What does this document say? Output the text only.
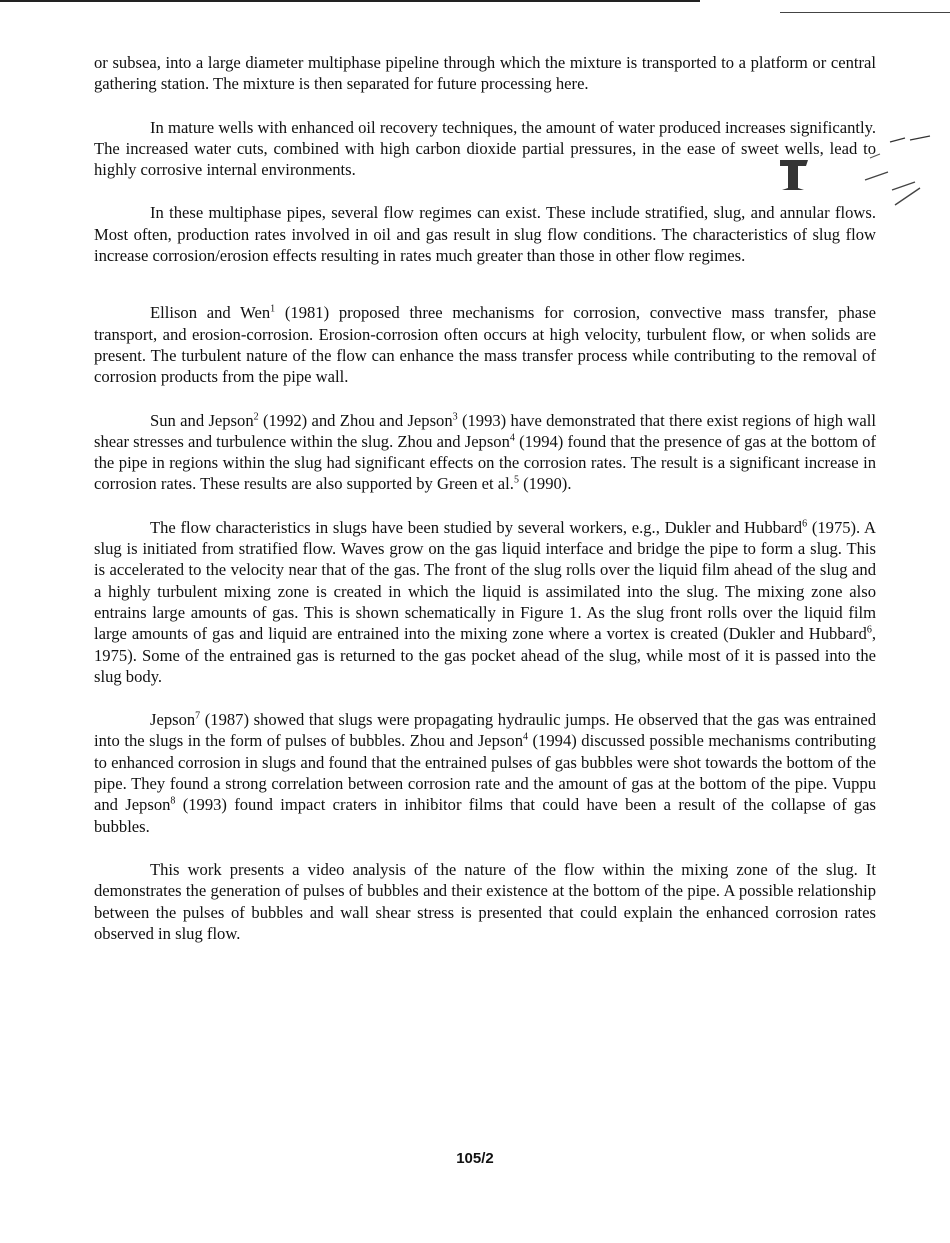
or subsea, into a large diameter multiphase pipeline through which the mixture is transported to a platform or central gathering station. The mixture is then separated for future processing here.

In mature wells with enhanced oil recovery techniques, the amount of water produced increases significantly. The increased water cuts, combined with high carbon dioxide partial pressures, in the ease of sweet wells, lead to highly corrosive internal environments.

In these multiphase pipes, several flow regimes can exist. These include stratified, slug, and annular flows. Most often, production rates involved in oil and gas result in slug flow conditions. The characteristics of slug flow increase corrosion/erosion effects resulting in rates much greater than those in other flow regimes.

Ellison and Wen$^1$ (1981) proposed three mechanisms for corrosion, convective mass transfer, phase transport, and erosion-corrosion. Erosion-corrosion often occurs at high velocity, turbulent flow, or when solids are present. The turbulent nature of the flow can enhance the mass transfer process while contributing to the removal of corrosion products from the pipe wall.

Sun and Jepson$^2$ (1992) and Zhou and Jepson$^3$ (1993) have demonstrated that there exist regions of high wall shear stresses and turbulence within the slug. Zhou and Jepson$^4$ (1994) found that the presence of gas at the bottom of the pipe in regions within the slug had significant effects on the corrosion rates. The result is a significant increase in corrosion rates. These results are also supported by Green et al.$^5$ (1990).

The flow characteristics in slugs have been studied by several workers, e.g., Dukler and Hubbard$^6$ (1975). A slug is initiated from stratified flow. Waves grow on the gas liquid interface and bridge the pipe to form a slug. This is accelerated to the velocity near that of the gas. The front of the slug rolls over the liquid film ahead of the slug and a highly turbulent mixing zone is created in which the liquid is assimilated into the slug. The mixing zone also entrains large amounts of gas. This is shown schematically in Figure 1. As the slug front rolls over the liquid film large amounts of gas and liquid are entrained into the mixing zone where a vortex is created (Dukler and Hubbard$^6$, 1975). Some of the entrained gas is returned to the gas pocket ahead of the slug, while most of it is passed into the slug body.

Jepson$^7$ (1987) showed that slugs were propagating hydraulic jumps. He observed that the gas was entrained into the slugs in the form of pulses of bubbles. Zhou and Jepson$^4$ (1994) discussed possible mechanisms contributing to enhanced corrosion in slugs and found that the entrained pulses of gas bubbles were shot towards the bottom of the pipe. They found a strong correlation between corrosion rate and the amount of gas at the bottom of the pipe. Vuppu and Jepson$^8$ (1993) found impact craters in inhibitor films that could have been a result of the collapse of gas bubbles.

This work presents a video analysis of the nature of the flow within the mixing zone of the slug. It demonstrates the generation of pulses of bubbles and their existence at the bottom of the pipe. A possible relationship between the pulses of bubbles and wall shear stress is presented that could explain the enhanced corrosion rates observed in slug flow.

105/2
